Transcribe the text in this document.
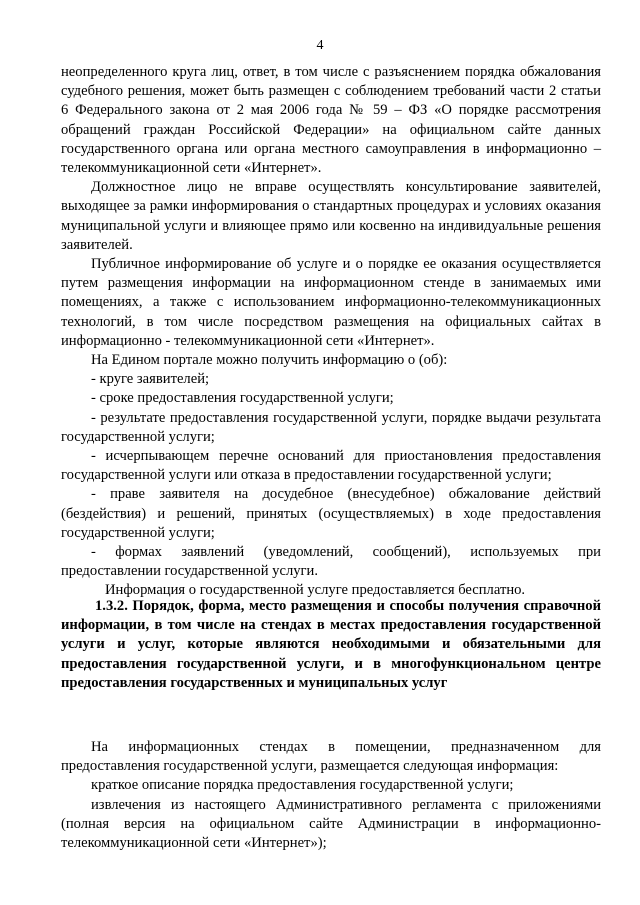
4

неопределенного круга лиц, ответ, в том числе с разъяснением порядка обжалования судебного решения, может быть размещен с соблюдением требований части 2 статьи 6 Федерального закона от 2 мая 2006 года № 59 – ФЗ «О порядке рассмотрения обращений граждан Российской Федерации» на официальном сайте данных государственного органа или органа местного самоуправления в информационно – телекоммуникационной сети «Интернет».

Должностное лицо не вправе осуществлять консультирование заявителей, выходящее за рамки информирования о стандартных процедурах и условиях оказания муниципальной услуги и влияющее прямо или косвенно на индивидуальные решения заявителей.

Публичное информирование об услуге и о порядке ее оказания осуществляется путем размещения информации на информационном стенде в занимаемых ими помещениях, а также с использованием информационно-телекоммуникационных технологий, в том числе посредством размещения на официальных сайтах в информационно - телекоммуникационной сети «Интернет».

На Едином портале можно получить информацию о (об):

- круге заявителей;

- сроке предоставления государственной услуги;

- результате предоставления государственной услуги, порядке выдачи результата государственной услуги;

- исчерпывающем перечне оснований для приостановления предоставления государственной услуги или отказа в предоставлении государственной услуги;

- праве заявителя на досудебное (внесудебное) обжалование действий (бездействия) и решений, принятых (осуществляемых) в ходе предоставления государственной услуги;

- формах заявлений (уведомлений, сообщений), используемых при предоставлении государственной услуги.

Информация о государственной услуге предоставляется бесплатно.

1.3.2. Порядок, форма, место размещения и способы получения справочной информации, в том числе на стендах в местах предоставления государственной услуги и услуг, которые являются необходимыми и обязательными для предоставления государственной услуги, и в многофункциональном центре предоставления государственных и муниципальных услуг

На информационных стендах в помещении, предназначенном для предоставления государственной услуги, размещается следующая информация:

краткое описание порядка предоставления государственной услуги;

извлечения из настоящего Административного регламента с приложениями (полная версия на официальном сайте Администрации в информационно-телекоммуникационной сети «Интернет»);
